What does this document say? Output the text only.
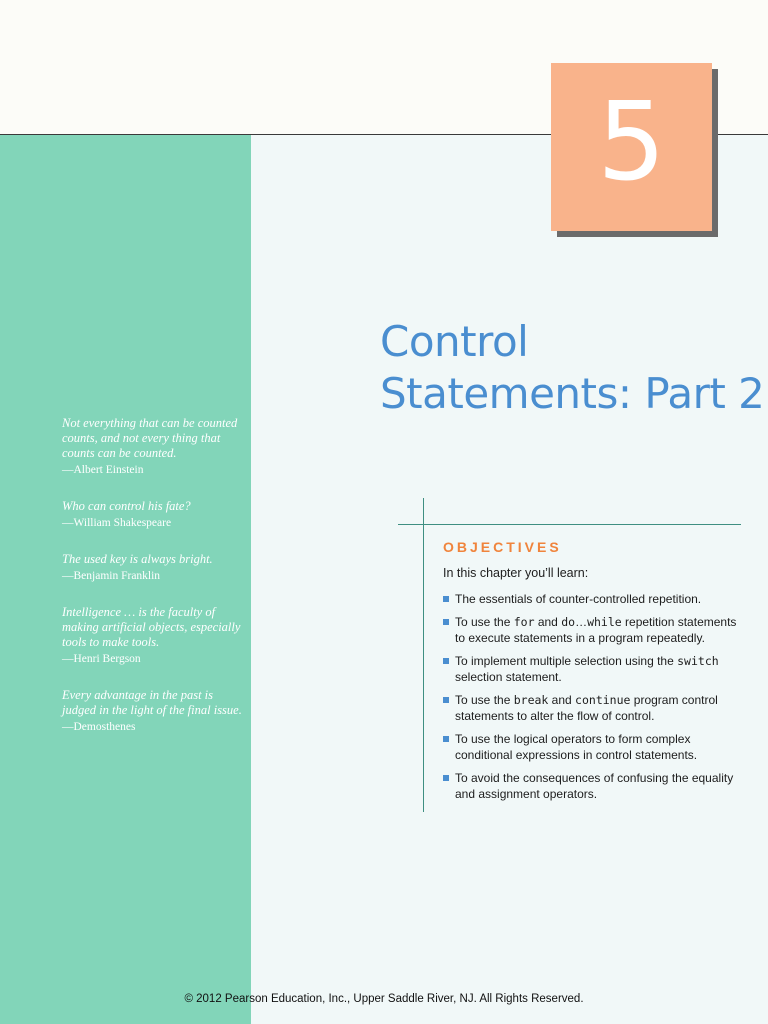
5
Control
Statements: Part 2
Not everything that can be counted counts, and not every thing that counts can be counted.
—Albert Einstein
Who can control his fate?
—William Shakespeare
The used key is always bright.
—Benjamin Franklin
Intelligence … is the faculty of making artificial objects, especially tools to make tools.
—Henri Bergson
Every advantage in the past is judged in the light of the final issue.
—Demosthenes
OBJECTIVES
In this chapter you’ll learn:
The essentials of counter-controlled repetition.
To use the for and do…while repetition statements to execute statements in a program repeatedly.
To implement multiple selection using the switch selection statement.
To use the break and continue program control statements to alter the flow of control.
To use the logical operators to form complex conditional expressions in control statements.
To avoid the consequences of confusing the equality and assignment operators.
© 2012 Pearson Education, Inc., Upper Saddle River, NJ. All Rights Reserved.
